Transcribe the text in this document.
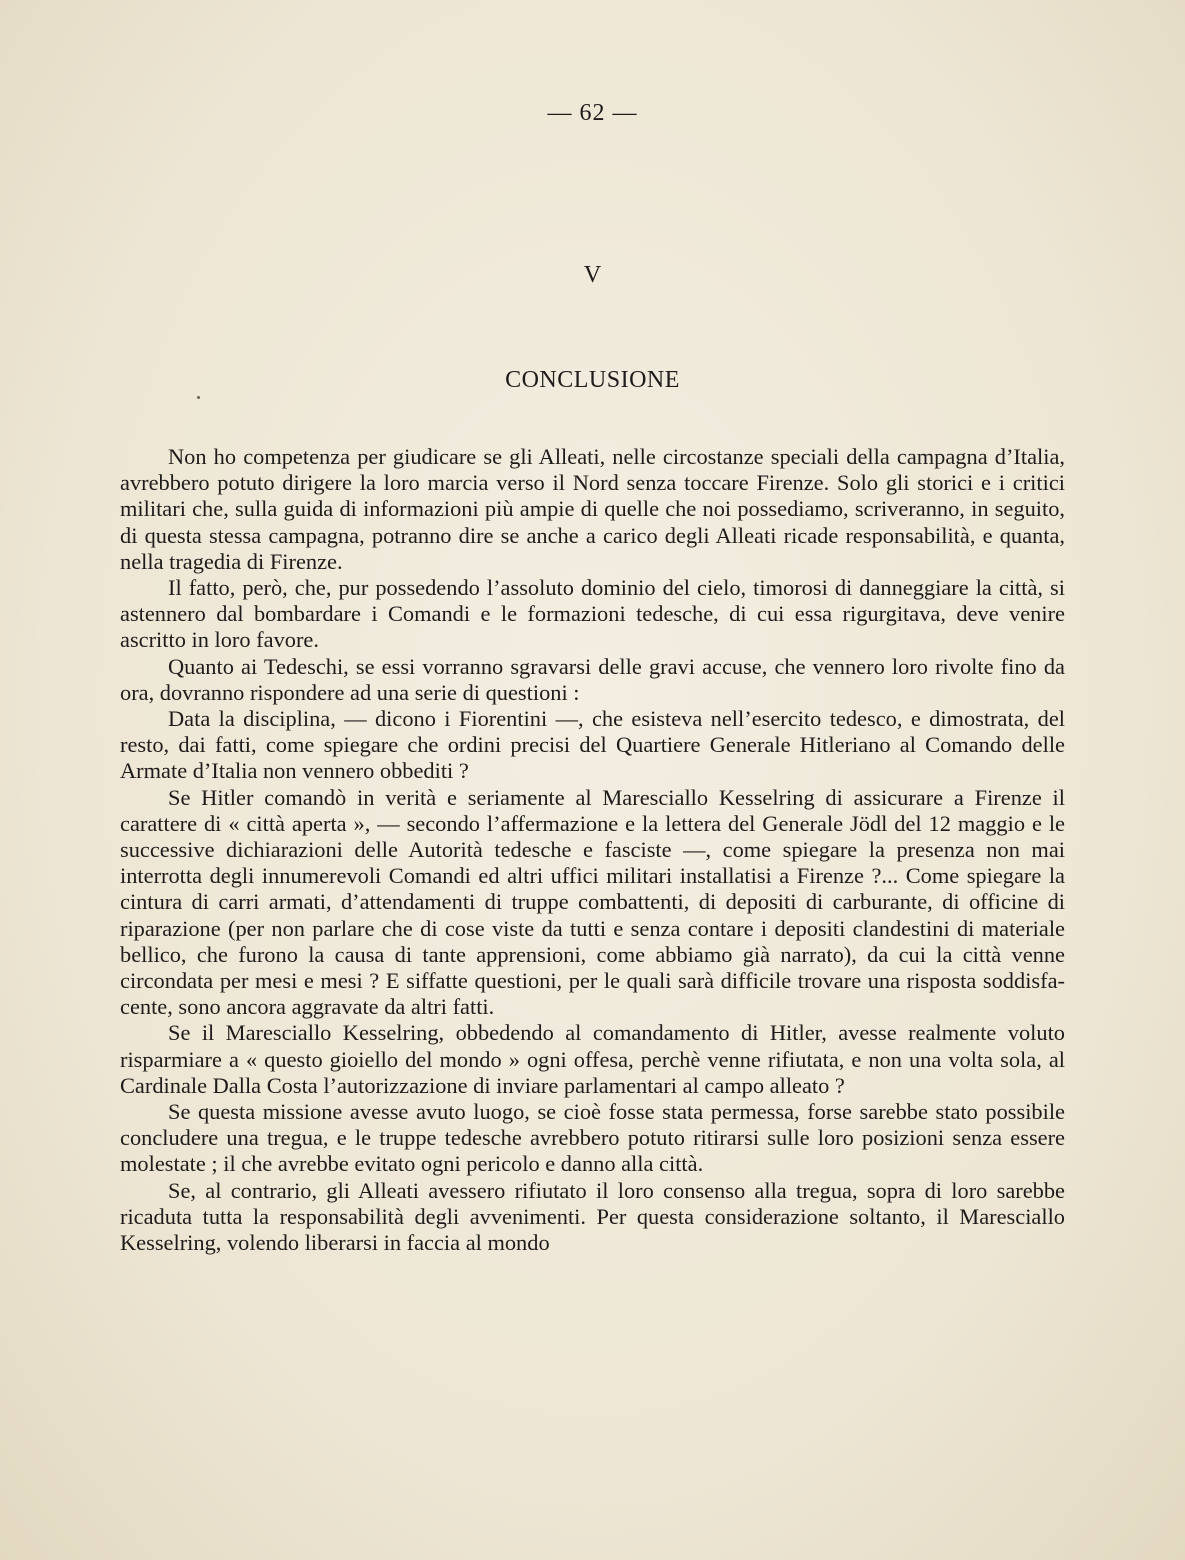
— 62 —
V
CONCLUSIONE

Non ho competenza per giudicare se gli Alleati, nelle circostanze speciali della campagna d’Italia, avrebbero potuto dirigere la loro marcia verso il Nord senza toccare Firenze. Solo gli storici e i critici militari che, sulla guida di informazioni più ampie di quelle che noi possediamo, scriveranno, in seguito, di questa stessa campagna, potranno dire se anche a carico degli Alleati ricade responsabilità, e quanta, nella tragedia di Firenze.

Il fatto, però, che, pur possedendo l’assoluto dominio del cielo, timorosi di danneggiare la città, si astennero dal bombardare i Comandi e le formazioni tedesche, di cui essa rigurgitava, deve venire ascritto in loro favore.

Quanto ai Tedeschi, se essi vorranno sgravarsi delle gravi accuse, che vennero loro rivolte fino da ora, dovranno rispondere ad una serie di questioni :

Data la disciplina, — dicono i Fiorentini —, che esisteva nell’esercito tedesco, e dimostrata, del resto, dai fatti, come spiegare che ordini precisi del Quartiere Generale Hitleriano al Comando delle Armate d’Italia non vennero obbediti ?

Se Hitler comandò in verità e seriamente al Maresciallo Kesselring di assicurare a Firenze il carattere di « città aperta », — secondo l’affermazione e la lettera del Generale Jödl del 12 maggio e le successive dichiarazioni delle Autorità tedesche e fasciste —, come spiegare la presenza non mai interrotta degli innumerevoli Comandi ed altri uffici militari installatisi a Firenze ?... Come spiegare la cintura di carri armati, d’attendamenti di truppe combattenti, di depositi di carburante, di officine di riparazione (per non parlare che di cose viste da tutti e senza contare i depositi clandestini di materiale bellico, che furono la causa di tante apprensioni, come abbiamo già narrato), da cui la città venne circondata per mesi e mesi ? E siffatte questioni, per le quali sarà difficile trovare una risposta soddisfacente, sono ancora aggravate da altri fatti.

Se il Maresciallo Kesselring, obbedendo al comandamento di Hitler, avesse realmente voluto risparmiare a « questo gioiello del mondo » ogni offesa, perchè venne rifiutata, e non una volta sola, al Cardinale Dalla Costa l’autorizzazione di inviare parlamentari al campo alleato ?

Se questa missione avesse avuto luogo, se cioè fosse stata permessa, forse sarebbe stato possibile concludere una tregua, e le truppe tedesche avrebbero potuto ritirarsi sulle loro posizioni senza essere molestate ; il che avrebbe evitato ogni pericolo e danno alla città.

Se, al contrario, gli Alleati avessero rifiutato il loro consenso alla tregua, sopra di loro sarebbe ricaduta tutta la responsabilità degli avvenimenti. Per questa considerazione soltanto, il Maresciallo Kesselring, volendo liberarsi in faccia al mondo
